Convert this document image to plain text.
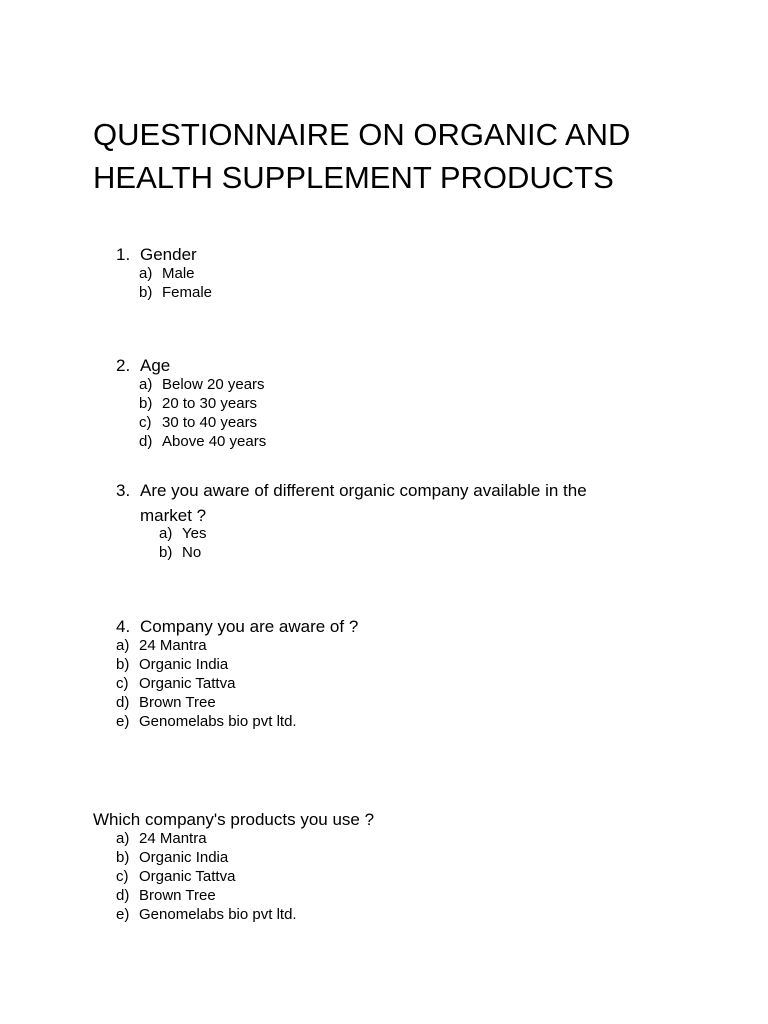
QUESTIONNAIRE ON ORGANIC AND
HEALTH SUPPLEMENT PRODUCTS
1. Gender
a) Male
b) Female
2. Age
a) Below 20 years
b) 20 to 30 years
c) 30 to 40 years
d) Above 40 years
3. Are you aware of different organic company available in the
market ?
a) Yes
b) No
4. Company you are aware of ?
a) 24 Mantra
b) Organic India
c) Organic Tattva
d) Brown Tree
e) Genomelabs bio pvt ltd.
Which company's products you use ?
a) 24 Mantra
b) Organic India
c) Organic Tattva
d) Brown Tree
e) Genomelabs bio pvt ltd.
